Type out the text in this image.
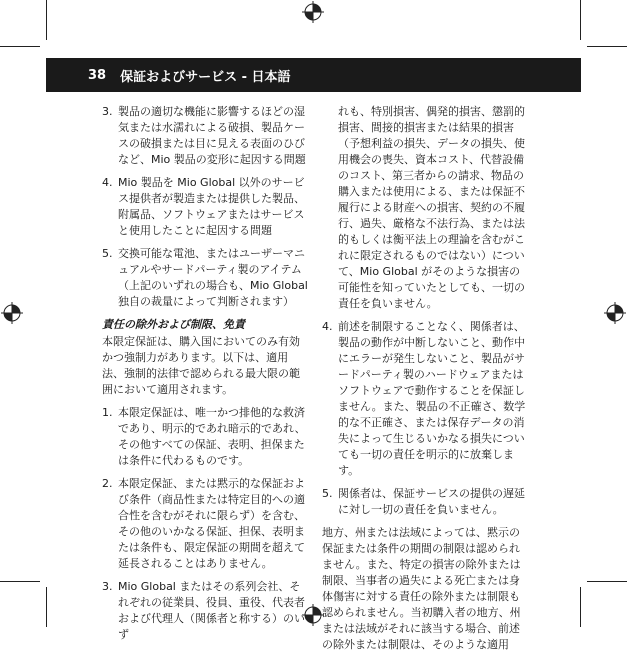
38 保証およびサービス - 日本語
3. 製品の適切な機能に影響するほどの湿気または水濡れによる破損、製品ケースの破損または目に見える表面のひびなど、Mio 製品の変形に起因する問題
4. Mio 製品を Mio Global 以外のサービス提供者が製造または提供した製品、附属品、ソフトウェアまたはサービスと使用したことに起因する問題
5. 交換可能な電池、またはユーザーマニュアルやサードパーティ製のアイテム（上記のいずれの場合も、Mio Global 独自の裁量によって判断されます）
責任の除外および制限、免責
本限定保証は、購入国においてのみ有効かつ強制力があります。以下は、適用法、強制的法律で認められる最大限の範囲において適用されます。
1. 本限定保証は、唯一かつ排他的な救済であり、明示的であれ暗示的であれ、その他すべての保証、表明、担保または条件に代わるものです。
2. 本限定保証、または黙示的な保証および条件（商品性または特定目的への適合性を含むがそれに限らず）を含む、その他のいかなる保証、担保、表明または条件も、限定保証の期間を超えて延長されることはありません。
3. Mio Global またはその系列会社、それぞれの従業員、役員、重役、代表者および代理人（関係者と称する）のいず
れも、特別損害、偶発的損害、懲罰的損害、間接的損害または結果的損害（予想利益の損失、データの損失、使用機会の喪失、資本コスト、代替設備のコスト、第三者からの請求、物品の購入または使用による、または保証不履行による財産への損害、契約の不履行、過失、厳格な不法行為、または法的もしくは衡平法上の理論を含むがこれに限定されるものではない）について、Mio Global がそのような損害の可能性を知っていたとしても、一切の責任を負いません。
4. 前述を制限することなく、関係者は、製品の動作が中断しないこと、動作中にエラーが発生しないこと、製品がサードパーティ製のハードウェアまたはソフトウェアで動作することを保証しません。また、製品の不正確さ、数学的な不正確さ、または保存データの消失によって生じるいかなる損失についても一切の責任を明示的に放棄します。
5. 関係者は、保証サービスの提供の遅延に対し一切の責任を負いません。
地方、州または法域によっては、黙示の保証または条件の期間の制限は認められません。また、特定の損害の除外または制限、当事者の過失による死亡または身体傷害に対する責任の除外または制限も認められません。当初購入者の地方、州または法域がそれに該当する場合、前述の除外または制限は、そのような適用
